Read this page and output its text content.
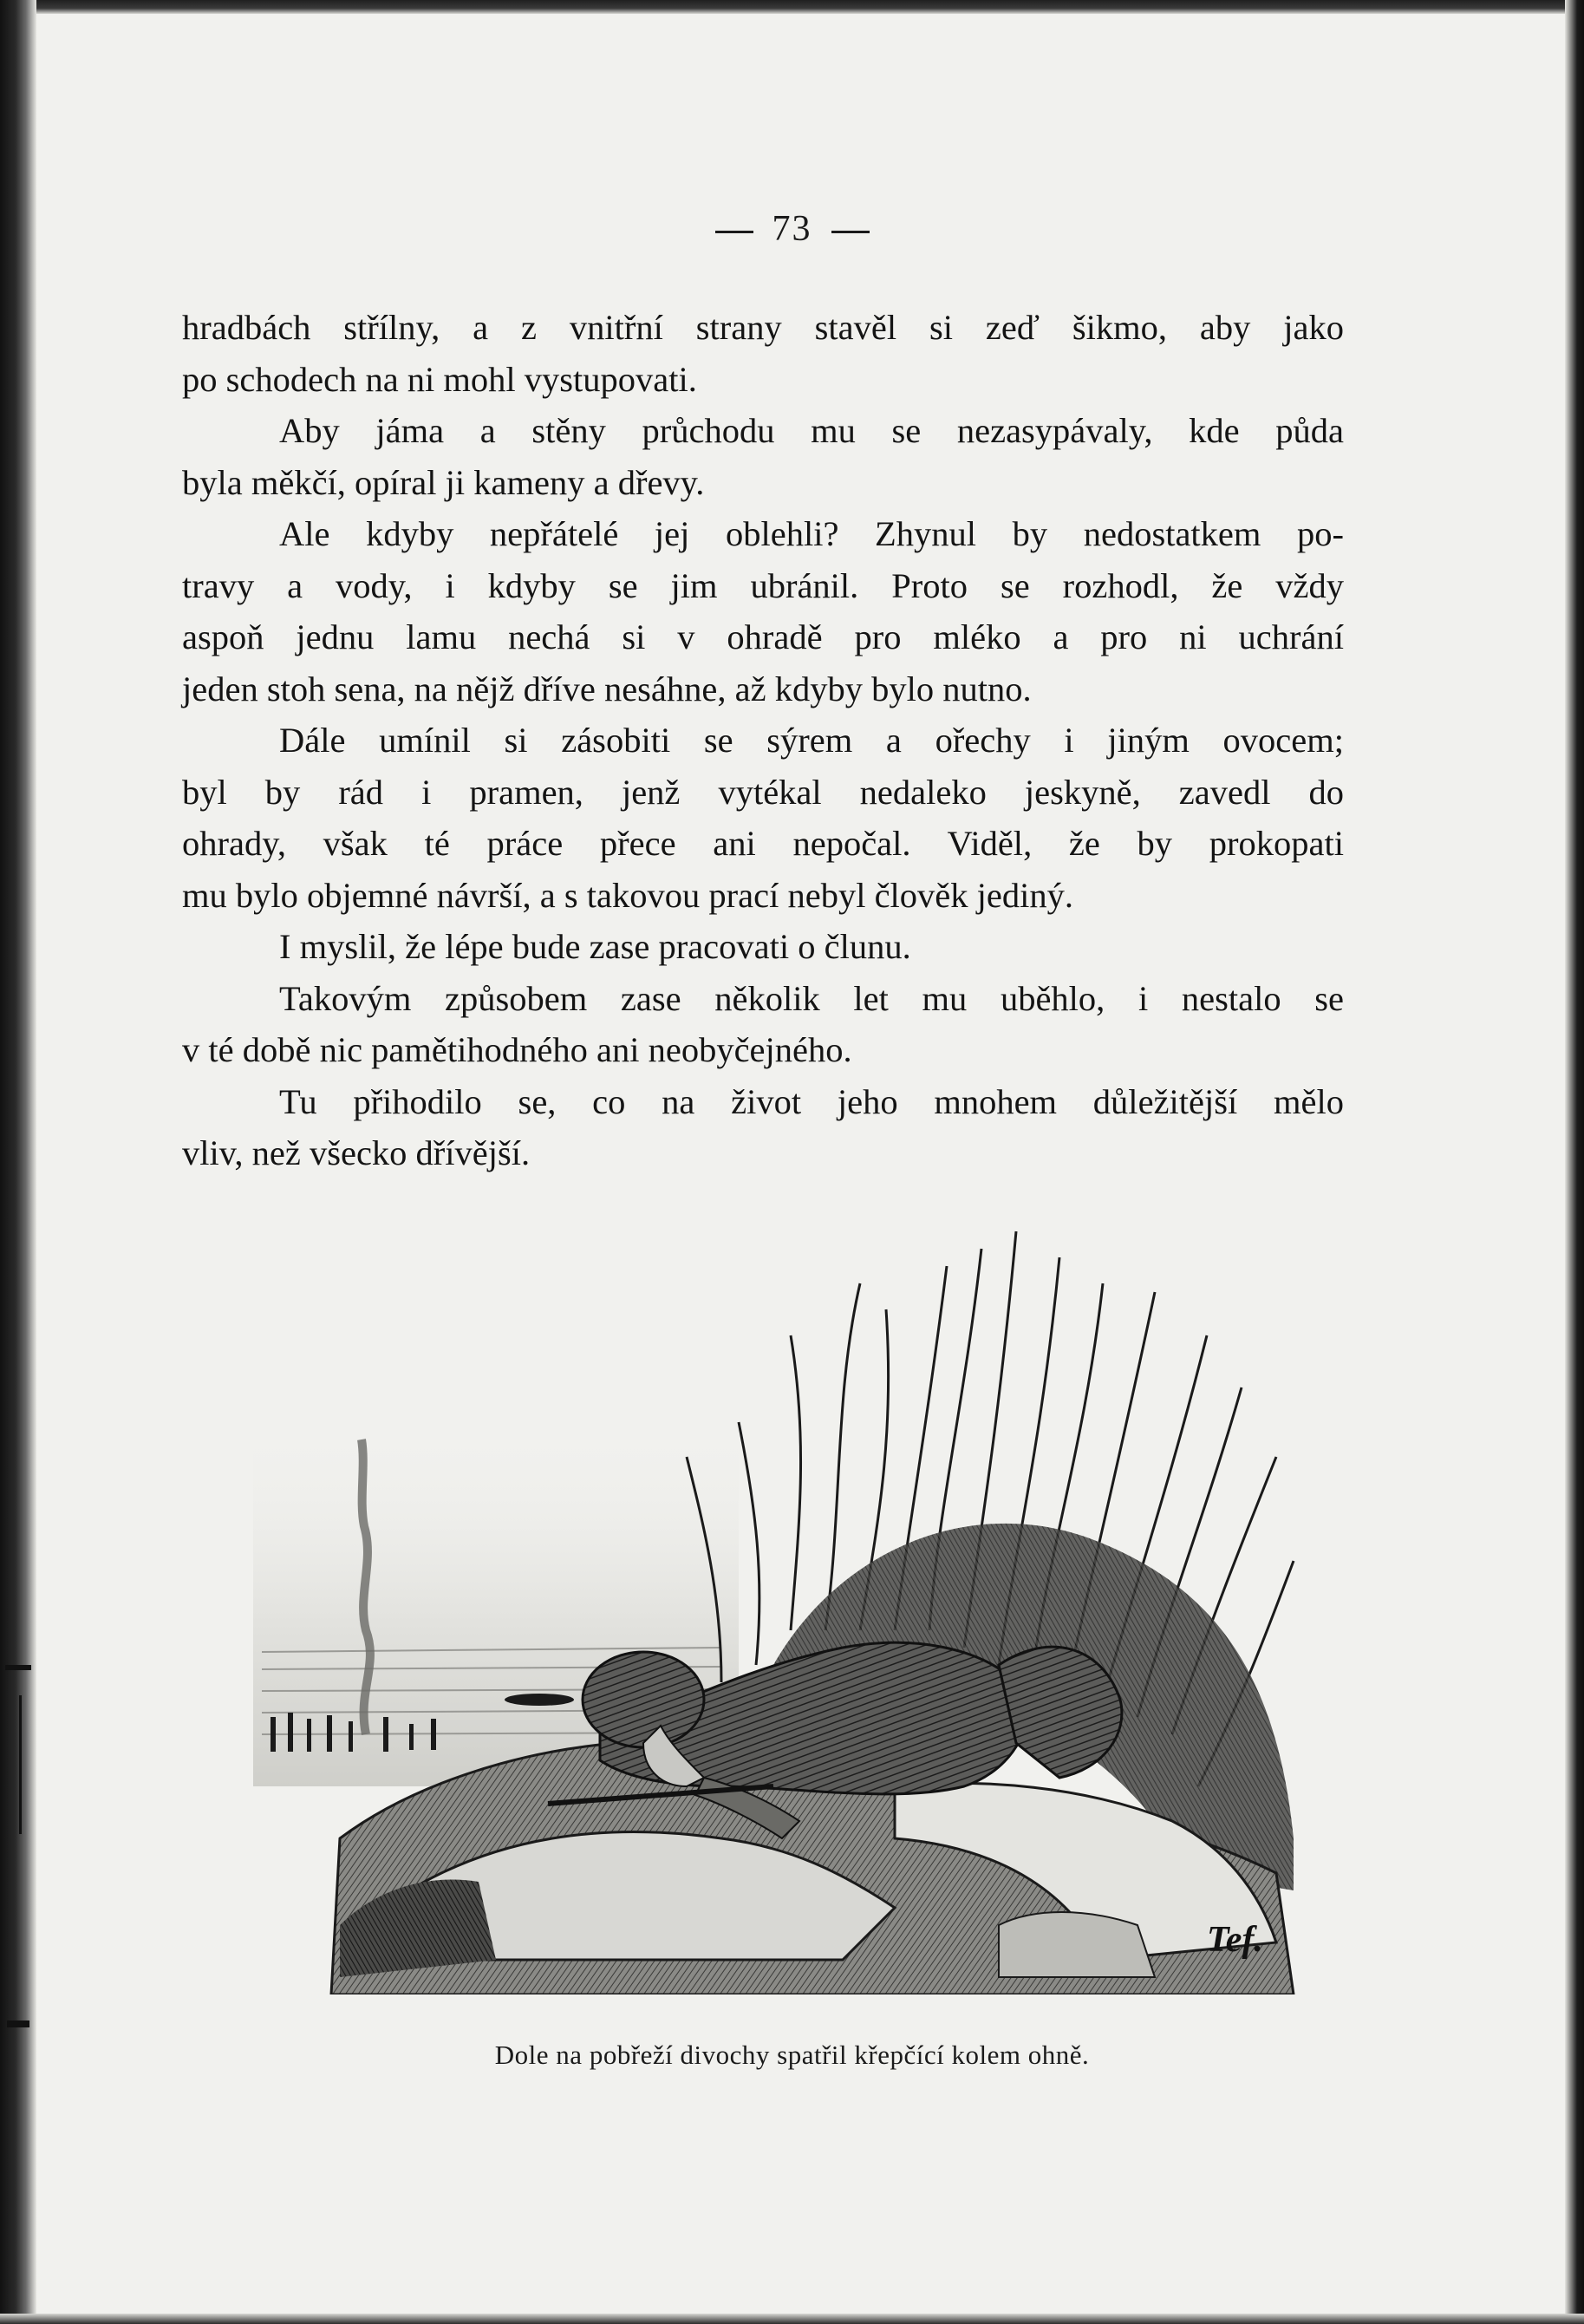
73
hradbách střílny, a z vnitřní strany stavěl si zeď šikmo, aby jako
po schodech na ni mohl vystupovati.
Aby jáma a stěny průchodu mu se nezasypávaly, kde půda
byla měkčí, opíral ji kameny a dřevy.
Ale kdyby nepřátelé jej oblehli? Zhynul by nedostatkem po-
travy a vody, i kdyby se jim ubránil. Proto se rozhodl, že vždy
aspoň jednu lamu nechá si v ohradě pro mléko a pro ni uchrání
jeden stoh sena, na nějž dříve nesáhne, až kdyby bylo nutno.
Dále umínil si zásobiti se sýrem a ořechy i jiným ovocem;
byl by rád i pramen, jenž vytékal nedaleko jeskyně, zavedl do
ohrady, však té práce přece ani nepočal. Viděl, že by prokopati
mu bylo objemné návrší, a s takovou prací nebyl člověk jediný.
I myslil, že lépe bude zase pracovati o člunu.
Takovým způsobem zase několik let mu uběhlo, i nestalo se
v té době nic pamětihodného ani neobyčejného.
Tu přihodilo se, co na život jeho mnohem důležitější mělo
vliv, než všecko dřívější.
Tef.
Dole na pobřeží divochy spatřil křepčící kolem ohně.
